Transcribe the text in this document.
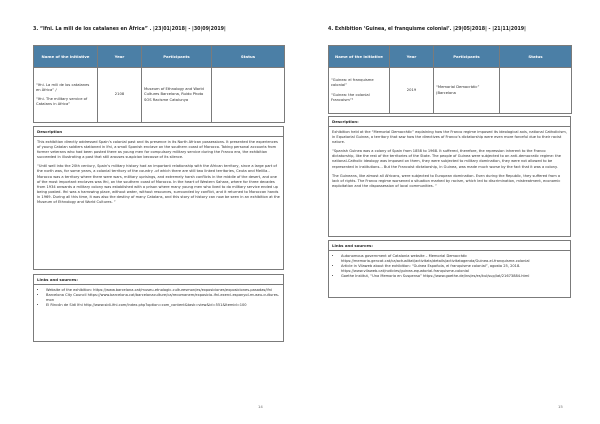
3. “Ifni. La mili de los catalanes en África” . |23|01|2018| - |30|09|2019|
Name of the initiative	Year	Participants	Status

“Ifni. La mili de los catalanes en Àfrica” /
“Ifni. The military service of Catalans in Africa”	2108	Museum of Ethnology and World Cultures Barcelona, Ruido Photo SOS Racisme Catalunya	
Description

This exhibition directly addressed Spain’s colonial past and its presence in its North African possessions. It presented the experiences of young Catalan soldiers stationed in Ifni, a small Spanish enclave on the southern coast of Morocco. Taking personal accounts from former veterans who had been posted there as young men for compulsory military service during the Franco era, the exhibition succeeded in illustrating a past that still arouses suspicion because of its silence.

“Until well into the 20th century, Spain’s military history had an important relationship with the African territory, since a large part of the north was, for some years, a colonial territory of the country -of which there are still two linked territories, Ceuta and Melilla-. Morocco was a territory where there were wars, military uprisings, and extremely harsh conflicts in the middle of the desert, and one of the most important enclaves was Ifni, on the southern coast of Morocco. In the heart of Western Sahara, where for three decades from 1934 onwards a military colony was established with a prison where many young men who lived to do military service ended up being posted. Ifni was a harrowing place, without water, without resources, surrounded by conflict, and it returned to Moroccan hands in 1969. During all this time, it was also the destiny of many Catalans, and this story of history can now be seen in an exhibition at the Museum of Ethnology and World Cultures. ”

Links and sources:
• Website of the exhibition: https://www.barcelona.cat/museu-etnologic-culturesmon/es/exposiciones/exposiciones-pasadas/ifni
• Barcelona City Council https://www.barcelona.cat/barcelonaculture/ca/recomanem/exposicio-ifni-exerci-espanyol-museu-cultures-mon
• El Rincón de Sidi Ifni http://www.sidi-ifni.com/index.php?option=com_content&task=view&id=551&Itemid=100
14
4. Exhibition ‘Guinea, el franquisme colonial’. |29|05|2018| - |21|11|2019|
Name of the initiative	Year	Participants	Status

“Guinea: el franquisme colonial”
“Guinea: the colonial Francoism”¹	2019	“Memorial Democràtic” (Barcelona	
Description:

Exhibition held at the “Memorial Democràtic” explaining how the Franco regime imposed its ideological axis, national Catholicism, in Equatorial Guinea, a territory that saw how the directives of Franco’s dictatorship were even more forceful due to their racist nature.

“Spanish Guinea was a colony of Spain from 1858 to 1968. It suffered, therefore, the repression inherent to the Franco dictatorship, like the rest of the territories of the State. The people of Guinea were subjected to an anti-democratic regime: the national-Catholic ideology was imposed on them, they were subjected to military domination, they were not allowed to be represented in institutions... But the Francoist dictatorship, in Guinea, was made much worse by the fact that it was a colony.

The Guineans, like almost all Africans, were subjected to European domination. Even during the Republic, they suffered from a lack of rights. The Franco regime worsened a situation marked by racism, which led to discrimination, mistreatment, economic exploitation and the dispossession of local communities. ”

Links and sources:
• Autonomous government of Catalonia website – Memorial Democràtic https://memoria.gencat.cat/ca/actualitat/activitats/details/activitatagenda/Guinea-el-franquisme-colonial
• Article in Vilaweb about the exhibition: “Guinea Española, el franquisme colonial”, agosto 25, 2018. https://www.vilaweb.cat/noticies/guinea-equatorial-franquisme-colonial
• Goethe Institut, “Una Memoria en Suspenso” https://www.goethe.de/ins/es/es/kul/sup/lat/21673884.html
15
